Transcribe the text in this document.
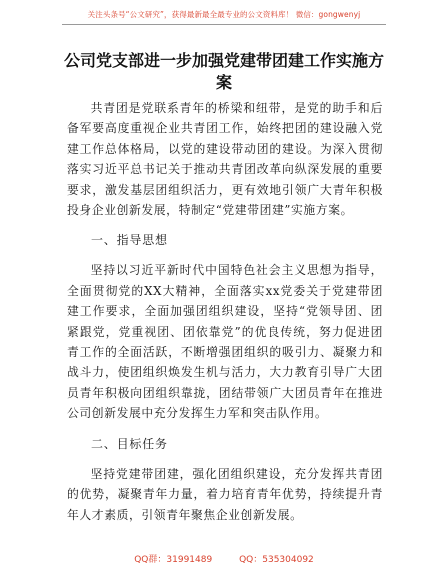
关注头条号“公文研究”，获得最新最全最专业的公文资料库！ 微信：gongwenyj
公司党支部进一步加强党建带团建工作实施方
案

共青团是党联系青年的桥梁和纽带，是党的助手和后备军要高度重视企业共青团工作，始终把团的建设融入党建工作总体格局，以党的建设带动团的建设。为深入贯彻落实习近平总书记关于推动共青团改革向纵深发展的重要要求，激发基层团组织活力，更有效地引领广大青年积极投身企业创新发展，特制定“党建带团建”实施方案。

一、指导思想

坚持以习近平新时代中国特色社会主义思想为指导，全面贯彻党的XX大精神，全面落实xx党委关于党建带团建工作要求，全面加强团组织建设，坚持“党领导团、团紧跟党，党重视团、团依靠党”的优良传统，努力促进团青工作的全面活跃，不断增强团组织的吸引力、凝聚力和战斗力，使团组织焕发生机与活力，大力教育引导广大团员青年积极向团组织靠拢，团结带领广大团员青年在推进公司创新发展中充分发挥生力军和突击队作用。

二、目标任务

坚持党建带团建，强化团组织建设，充分发挥共青团的优势，凝聚青年力量，着力培育青年优势，持续提升青年人才素质，引领青年聚焦企业创新发展。

QQ群：31991489	QQ：535304092
